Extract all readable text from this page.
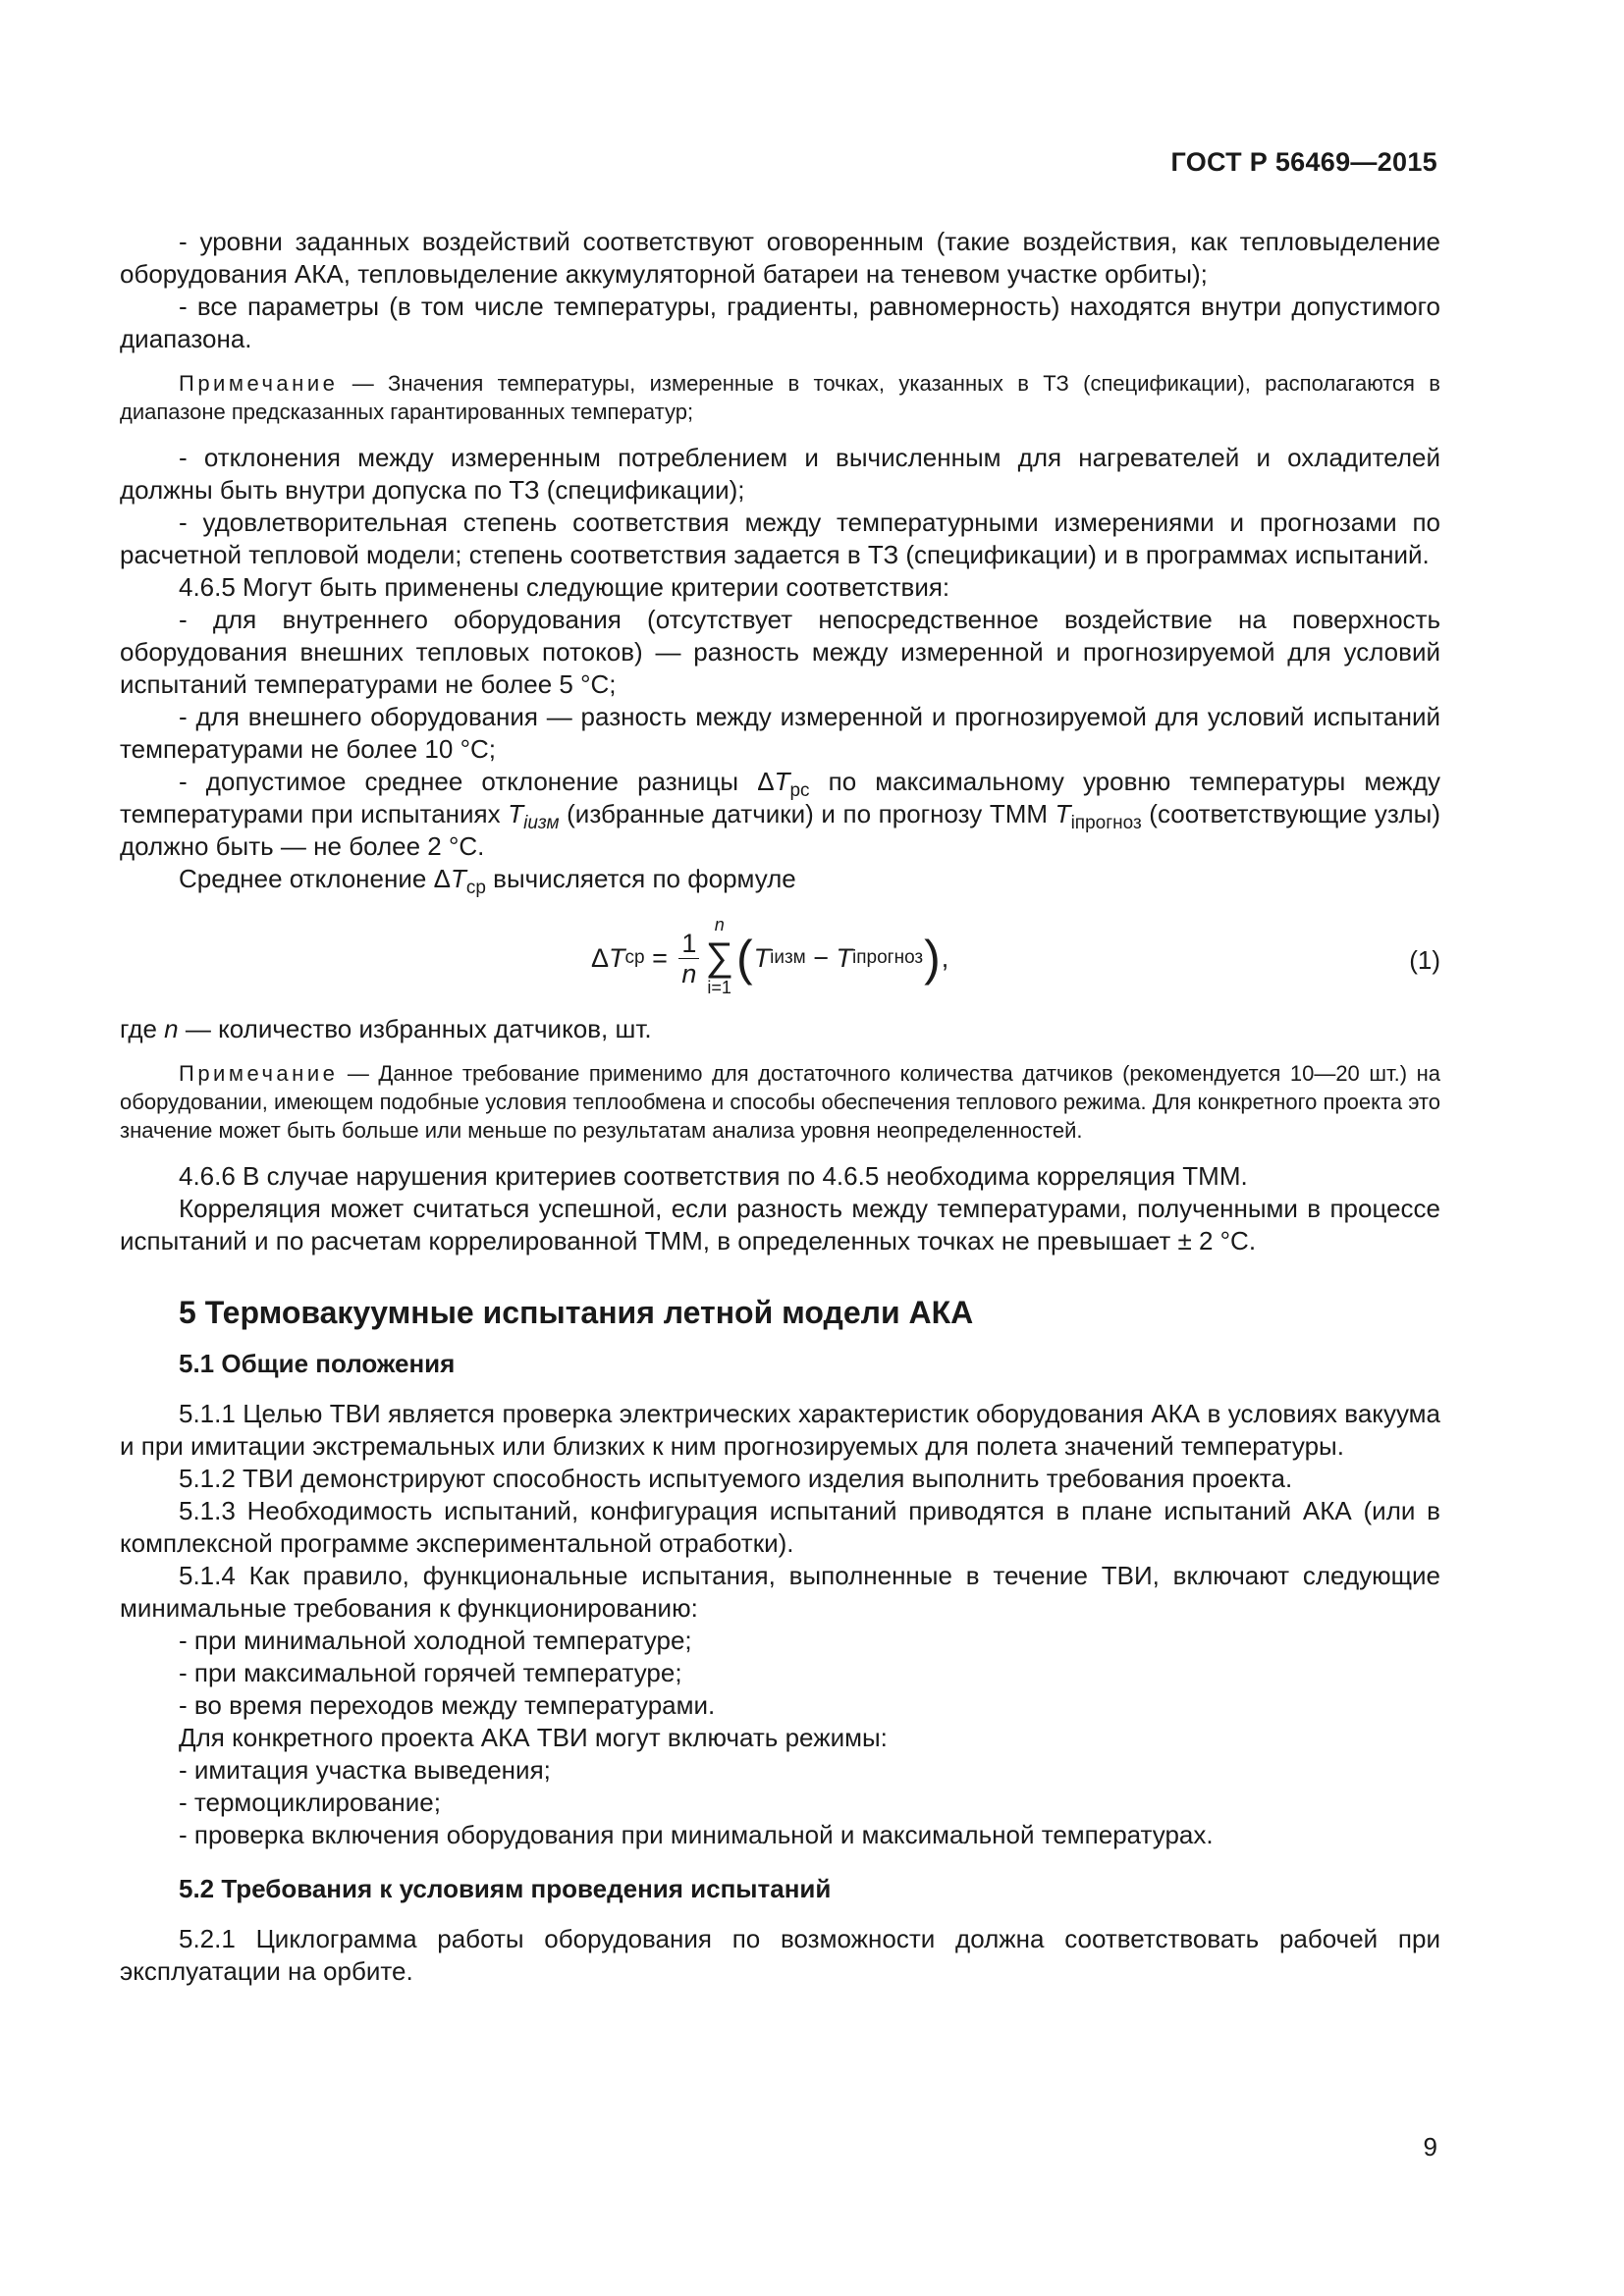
ГОСТ Р 56469—2015

- уровни заданных воздействий соответствуют оговоренным (такие воздействия, как тепловыделение оборудования АКА, тепловыделение аккумуляторной батареи на теневом участке орбиты);

- все параметры (в том числе температуры, градиенты, равномерность) находятся внутри допустимого диапазона.

Примечание — Значения температуры, измеренные в точках, указанных в ТЗ (спецификации), располагаются в диапазоне предсказанных гарантированных температур;

- отклонения между измеренным потреблением и вычисленным для нагревателей и охладителей должны быть внутри допуска по ТЗ (спецификации);

- удовлетворительная степень соответствия между температурными измерениями и прогнозами по расчетной тепловой модели; степень соответствия задается в ТЗ (спецификации) и в программах испытаний.

4.6.5 Могут быть применены следующие критерии соответствия:

- для внутреннего оборудования (отсутствует непосредственное воздействие на поверхность оборудования внешних тепловых потоков) — разность между измеренной и прогнозируемой для условий испытаний температурами не более 5 °C;

- для внешнего оборудования — разность между измеренной и прогнозируемой для условий испытаний температурами не более 10 °C;

- допустимое среднее отклонение разницы $\Delta T_{рс}$ по максимальному уровню температуры между температурами при испытаниях $T_{iизм}$ (избранные датчики) и по прогнозу ТММ $T_{iпрогноз}$ (соответствующие узлы) должно быть — не более 2 °C.

Среднее отклонение $\Delta T_{ср}$ вычисляется по формуле

Δ T ср = $\frac{1}{n}$
n
∑
i=1
( T iизм − T iпрогноз ) ,	(1)

где n — количество избранных датчиков, шт.

Примечание — Данное требование применимо для достаточного количества датчиков (рекомендуется 10—20 шт.) на оборудовании, имеющем подобные условия теплообмена и способы обеспечения теплового режима. Для конкретного проекта это значение может быть больше или меньше по результатам анализа уровня неопределенностей.

4.6.6 В случае нарушения критериев соответствия по 4.6.5 необходима корреляция ТММ.

Корреляция может считаться успешной, если разность между температурами, полученными в процессе испытаний и по расчетам коррелированной ТММ, в определенных точках не превышает ± 2 °C.

5 Термовакуумные испытания летной модели АКА

5.1 Общие положения

5.1.1 Целью ТВИ является проверка электрических характеристик оборудования АКА в условиях вакуума и при имитации экстремальных или близких к ним прогнозируемых для полета значений температуры.

5.1.2 ТВИ демонстрируют способность испытуемого изделия выполнить требования проекта.

5.1.3 Необходимость испытаний, конфигурация испытаний приводятся в плане испытаний АКА (или в комплексной программе экспериментальной отработки).

5.1.4 Как правило, функциональные испытания, выполненные в течение ТВИ, включают следующие минимальные требования к функционированию:

- при минимальной холодной температуре;

- при максимальной горячей температуре;

- во время переходов между температурами.

Для конкретного проекта АКА ТВИ могут включать режимы:

- имитация участка выведения;

- термоциклирование;

- проверка включения оборудования при минимальной и максимальной температурах.

5.2 Требования к условиям проведения испытаний

5.2.1 Циклограмма работы оборудования по возможности должна соответствовать рабочей при эксплуатации на орбите.

9
